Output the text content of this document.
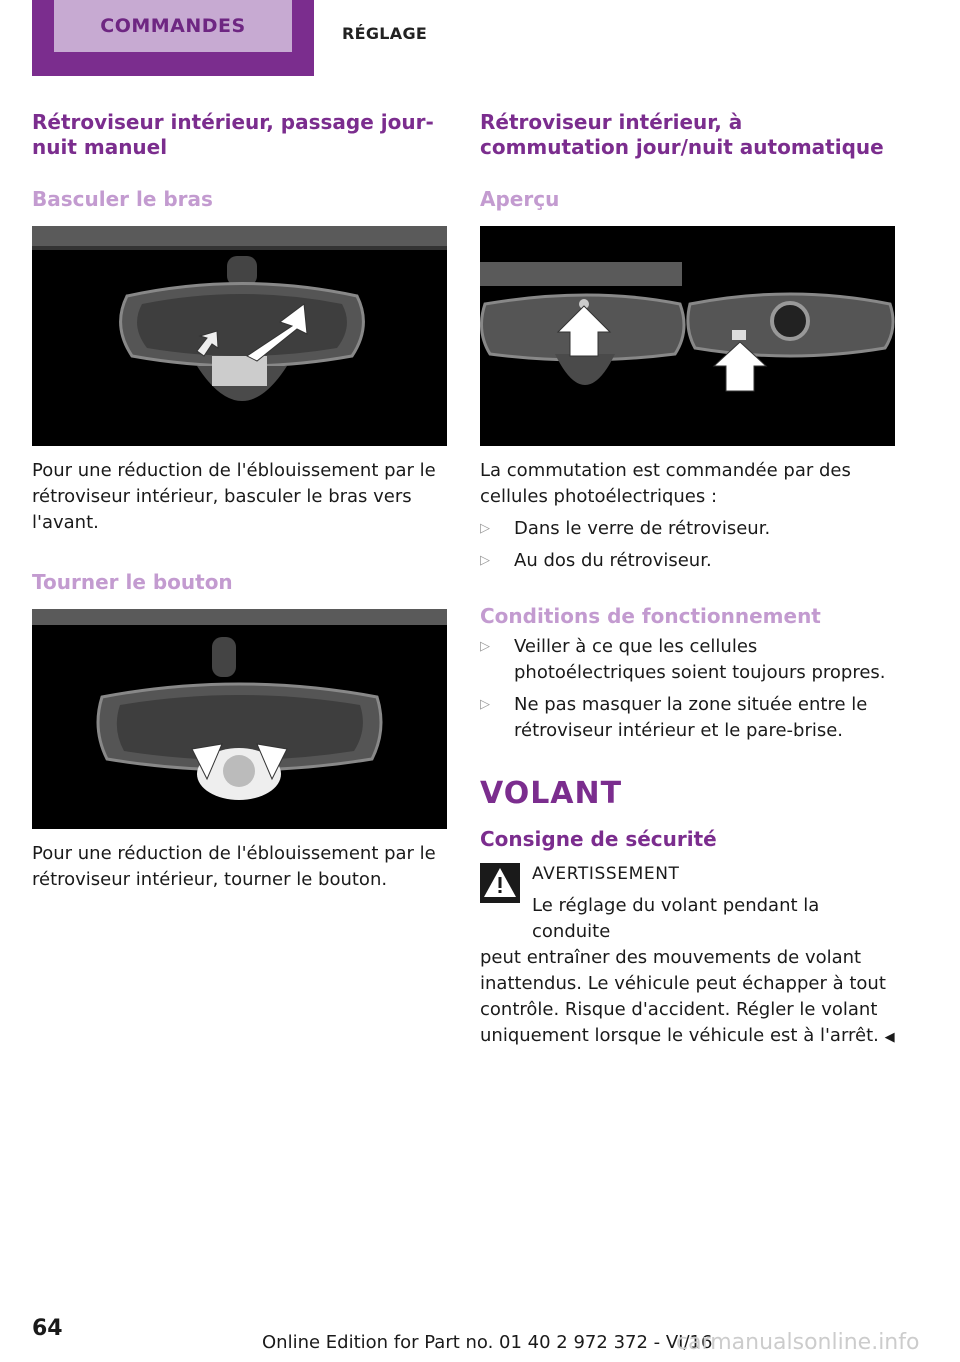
COMMANDES	RÉGLAGE
Rétroviseur intérieur, passage jour-nuit manuel
Basculer le bras

Pour une réduction de l'éblouissement par le rétroviseur intérieur, basculer le bras vers l'avant.

Tourner le bouton

Pour une réduction de l'éblouissement par le rétroviseur intérieur, tourner le bouton.

Rétroviseur intérieur, à commutation jour/nuit automatique
Aperçu

La commutation est commandée par des cellules photoélectriques :

▷ Dans le verre de rétroviseur.
▷ Au dos du rétroviseur.
Conditions de fonctionnement
▷ Veiller à ce que les cellules photoélectriques soient toujours propres.
▷ Ne pas masquer la zone située entre le rétroviseur intérieur et le pare-brise.
VOLANT
Consigne de sécurité
AVERTISSEMENT
Le réglage du volant pendant la conduite

peut entraîner des mouvements de volant inattendus. Le véhicule peut échapper à tout contrôle. Risque d'accident. Régler le volant uniquement lorsque le véhicule est à l'arrêt. ◀

64
Online Edition for Part no. 01 40 2 972 372 - VI/16
carmanualsonline.info
